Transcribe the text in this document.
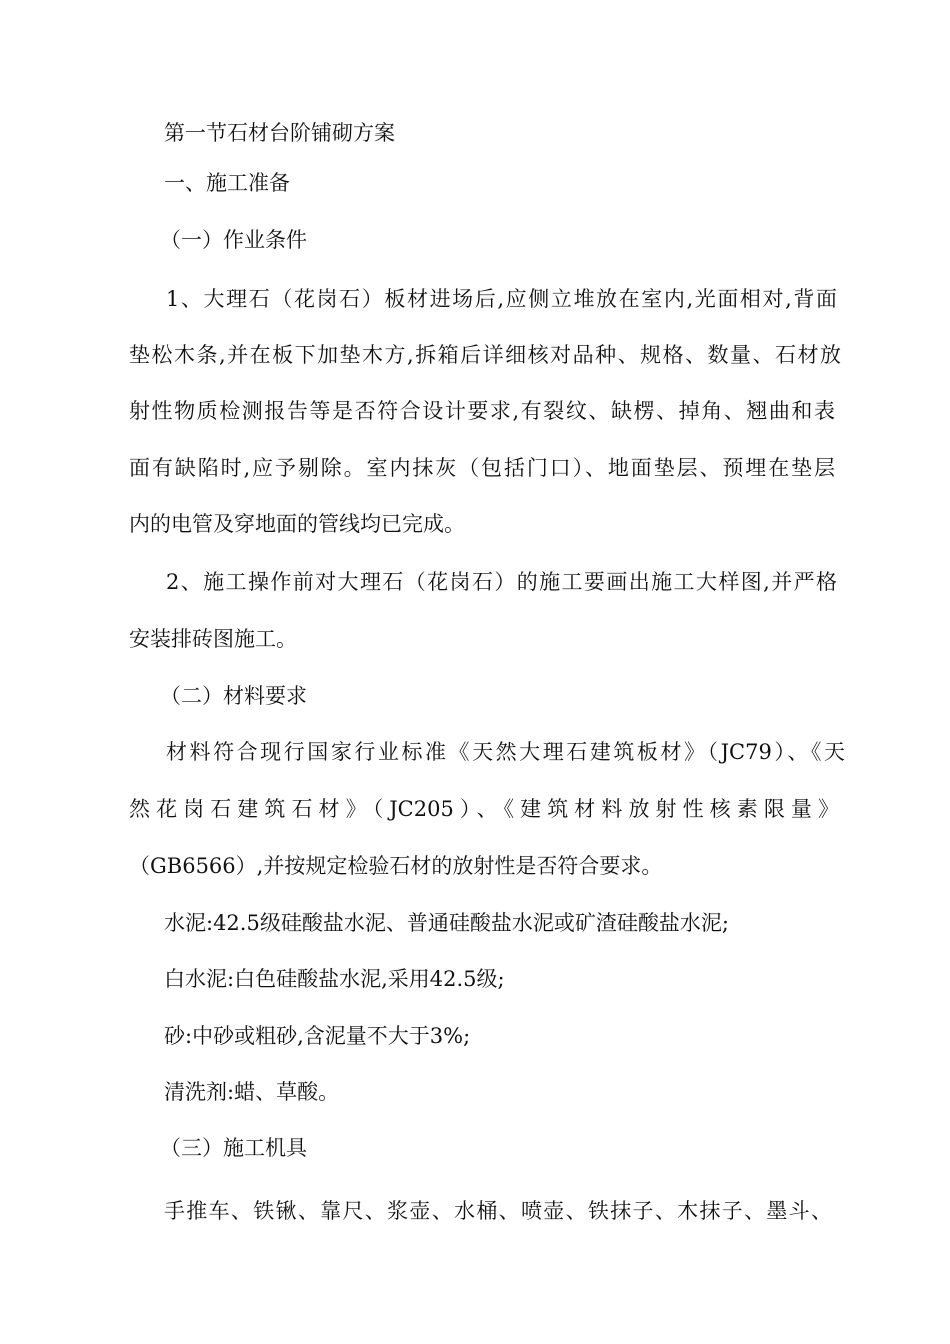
第一节石材台阶铺砌方案
一、施工准备
（一）作业条件
1、大理石（花岗石）板材进场后,应侧立堆放在室内,光面相对,背面
垫松木条,并在板下加垫木方,拆箱后详细核对品种、规格、数量、石材放
射性物质检测报告等是否符合设计要求,有裂纹、缺楞、掉角、翘曲和表
面有缺陷时,应予剔除。室内抹灰（包括门口）、地面垫层、预埋在垫层
内的电管及穿地面的管线均已完成。
2、施工操作前对大理石（花岗石）的施工要画出施工大样图,并严格
安装排砖图施工。
（二）材料要求
材料符合现行国家行业标准《天然大理石建筑板材》（JC79）、《天
然花岗石建筑石材》（JC205）、《建筑材料放射性核素限量》
（GB6566）,并按规定检验石材的放射性是否符合要求。
水泥:42.5级硅酸盐水泥、普通硅酸盐水泥或矿渣硅酸盐水泥;
白水泥:白色硅酸盐水泥,采用42.5级;
砂:中砂或粗砂,含泥量不大于3%;
清洗剂:蜡、草酸。
（三）施工机具
手推车、铁锹、靠尺、浆壶、水桶、喷壶、铁抹子、木抹子、墨斗、
